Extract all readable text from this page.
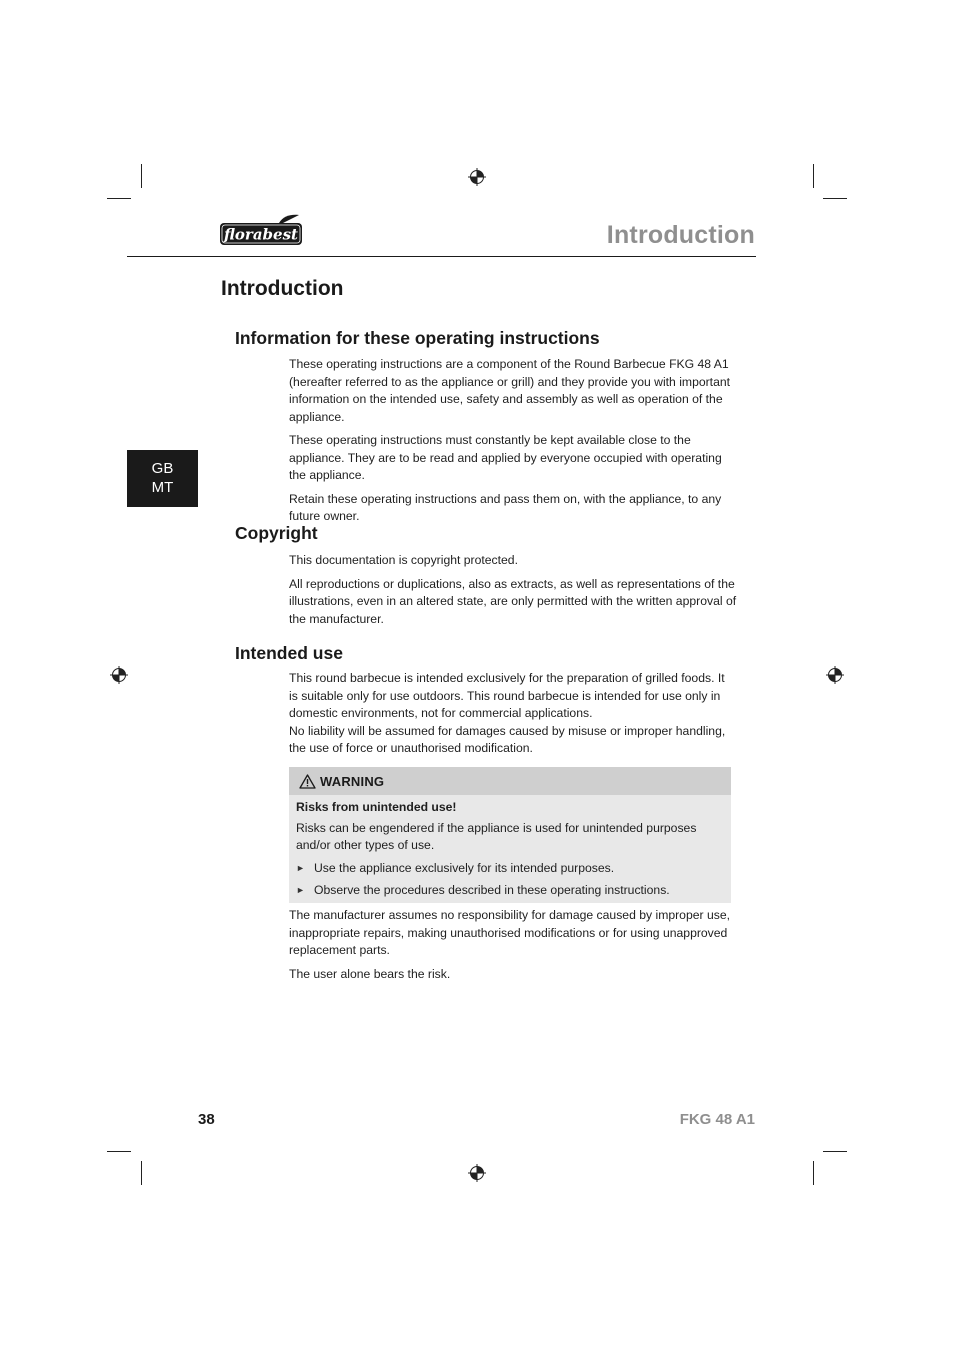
florabest	Introduction
Introduction
GB
MT
Information for these operating instructions

These operating instructions are a component of the Round Barbecue FKG 48 A1 (hereafter referred to as the appliance or grill) and they provide you with important information on the intended use, safety and assembly as well as operation of the appliance.

These operating instructions must constantly be kept available close to the appliance. They are to be read and applied by everyone occupied with operating the appliance.

Retain these operating instructions and pass them on, with the appliance, to any future owner.

Copyright

This documentation is copyright protected.

All reproductions or duplications, also as extracts, as well as representations of the illustrations, even in an altered state, are only permitted with the written approval of the manufacturer.

Intended use
This round barbecue is intended exclusively for the preparation of grilled foods. It is suitable only for use outdoors. This round barbecue is intended for use only in domestic environments, not for commercial applications.
No liability will be assumed for damages caused by misuse or improper handling, the use of force or unauthorised modification.
WARNING
Risks from unintended use!
Risks can be engendered if the appliance is used for unintended purposes and/or other types of use.
► Use the appliance exclusively for its intended purposes.
► Observe the procedures described in these operating instructions.

The manufacturer assumes no responsibility for damage caused by improper use, inappropriate repairs, making unauthorised modifications or for using unapproved replacement parts.

The user alone bears the risk.

38	FKG 48 A1
